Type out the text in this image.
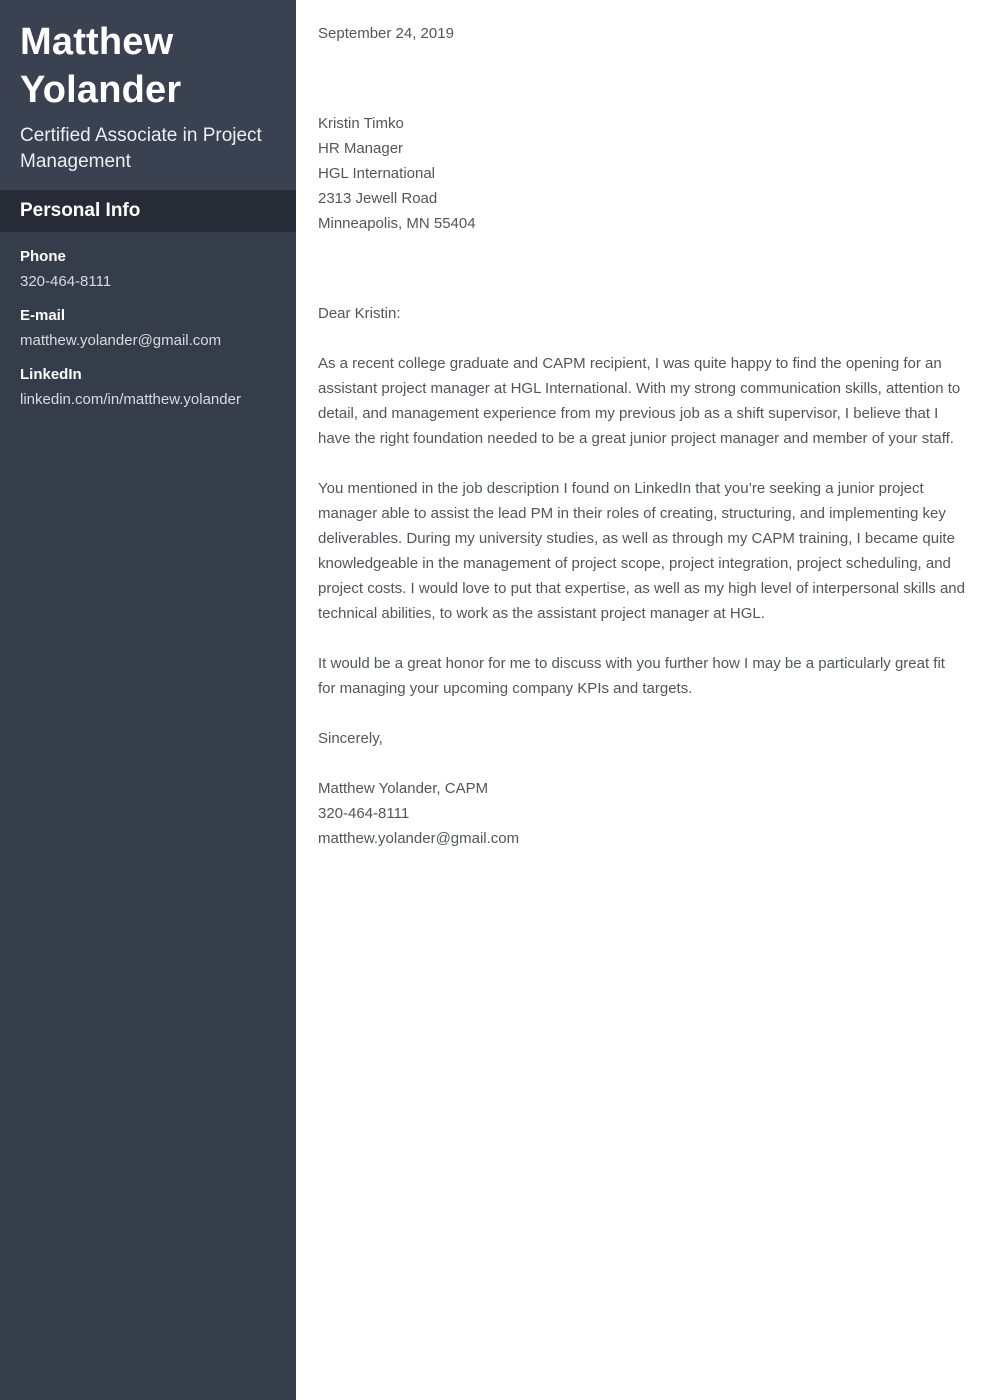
Matthew Yolander
Certified Associate in Project Management
Personal Info
Phone
320-464-8111
E-mail
matthew.yolander@gmail.com
LinkedIn
linkedin.com/in/matthew.yolander
September 24, 2019
Kristin Timko
HR Manager
HGL International
2313 Jewell Road
Minneapolis, MN 55404
Dear Kristin:

As a recent college graduate and CAPM recipient, I was quite happy to find the opening for an assistant project manager at HGL International. With my strong communication skills, attention to detail, and management experience from my previous job as a shift supervisor, I believe that I have the right foundation needed to be a great junior project manager and member of your staff.

You mentioned in the job description I found on LinkedIn that you’re seeking a junior project manager able to assist the lead PM in their roles of creating, structuring, and implementing key deliverables. During my university studies, as well as through my CAPM training, I became quite knowledgeable in the management of project scope, project integration, project scheduling, and project costs. I would love to put that expertise, as well as my high level of interpersonal skills and technical abilities, to work as the assistant project manager at HGL.

It would be a great honor for me to discuss with you further how I may be a particularly great fit for managing your upcoming company KPIs and targets.

Sincerely,
Matthew Yolander, CAPM
320-464-8111
matthew.yolander@gmail.com
